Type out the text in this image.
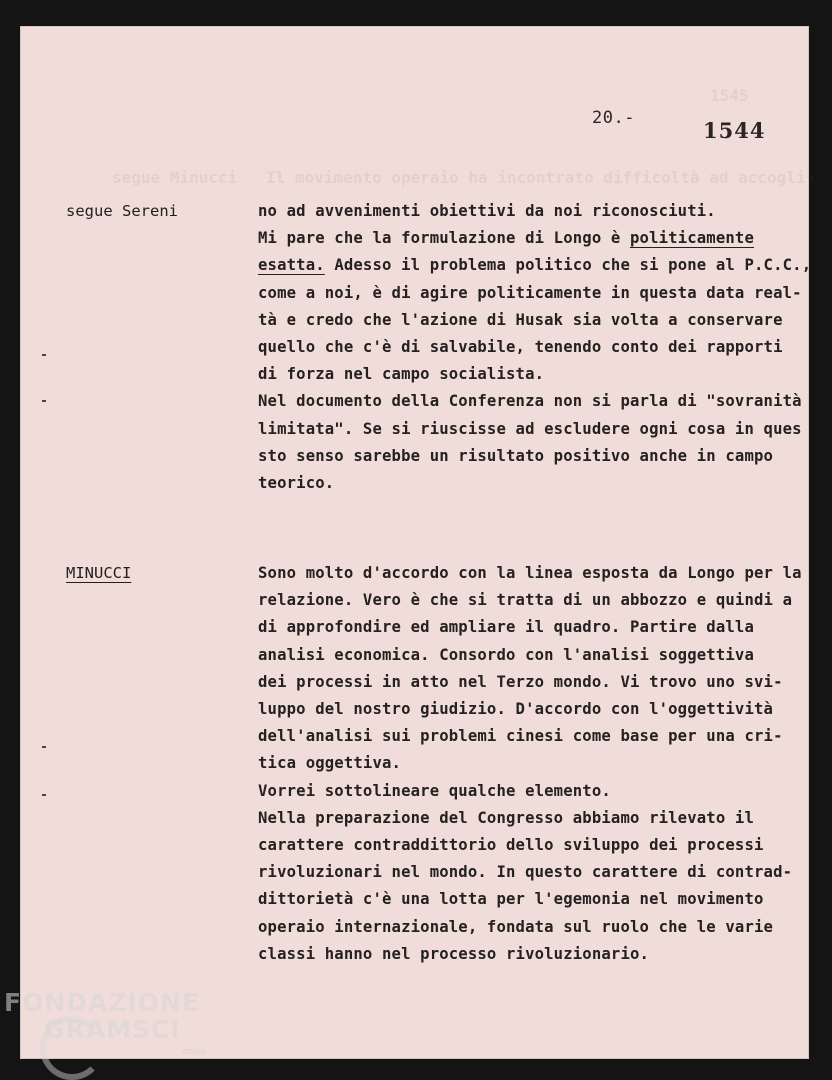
1545
segue Minucci   Il movimento operaio ha incontrato difficoltà ad accogli-
20.-	1544
segue Sereni	no ad avvenimenti obiettivi da noi riconosciuti.
Mi pare che la formulazione di Longo è politicamente
esatta. Adesso il problema politico che si pone al P.C.C.,
come a noi, è di agire politicamente in questa data real-
tà e credo che l'azione di Husak sia volta a conservare
quello che c'è di salvabile, tenendo conto dei rapporti
di forza nel campo socialista.
Nel documento della Conferenza non si parla di "sovranità
limitata". Se si riuscisse ad escludere ogni cosa in ques
sto senso sarebbe un risultato positivo anche in campo
teorico.
MINUCCI	Sono molto d'accordo con la linea esposta da Longo per la
relazione. Vero è che si tratta di un abbozzo e quindi a
di approfondire ed ampliare il quadro. Partire dalla
analisi economica. Consordo con l'analisi soggettiva
dei processi in atto nel Terzo mondo. Vi trovo uno svi-
luppo del nostro giudizio. D'accordo con l'oggettività
dell'analisi sui problemi cinesi come base per una cri-
tica oggettiva.
Vorrei sottolineare qualche elemento.
Nella preparazione del Congresso abbiamo rilevato il
carattere contraddittorio dello sviluppo dei processi
rivoluzionari nel mondo. In questo carattere di contrad-
dittorietà c'è una lotta per l'egemonia nel movimento
operaio internazionale, fondata sul ruolo che le varie
classi hanno nel processo rivoluzionario.
FONDAZIONE
GRAMSCI
onlus
